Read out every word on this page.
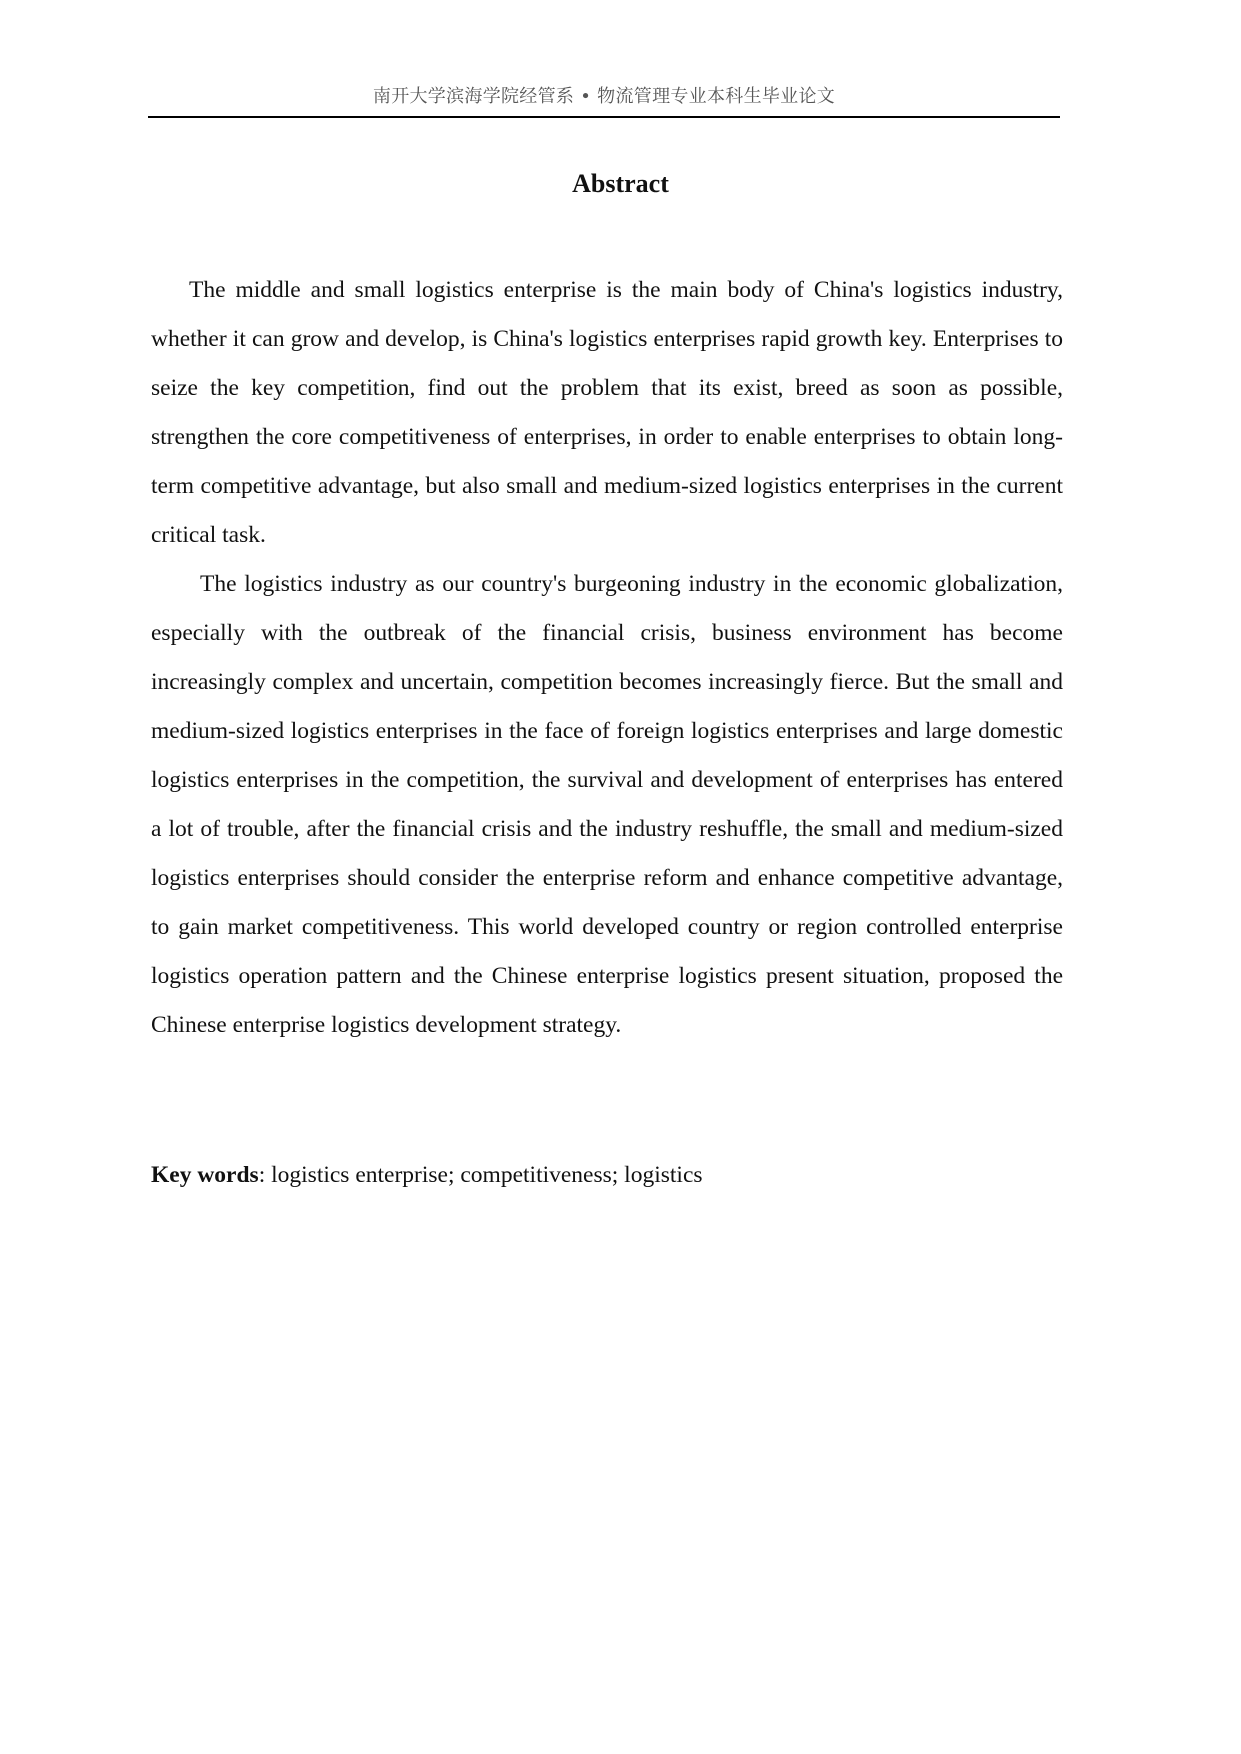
南开大学滨海学院经管系 • 物流管理专业本科生毕业论文
Abstract

The middle and small logistics enterprise is the main body of China's logistics industry, whether it can grow and develop, is China's logistics enterprises rapid growth key. Enterprises to seize the key competition, find out the problem that its exist, breed as soon as possible, strengthen the core competitiveness of enterprises, in order to enable enterprises to obtain long-term competitive advantage, but also small and medium-sized logistics enterprises in the current critical task.

The logistics industry as our country's burgeoning industry in the economic globalization, especially with the outbreak of the financial crisis, business environment has become increasingly complex and uncertain, competition becomes increasingly fierce. But the small and medium-sized logistics enterprises in the face of foreign logistics enterprises and large domestic logistics enterprises in the competition, the survival and development of enterprises has entered a lot of trouble, after the financial crisis and the industry reshuffle, the small and medium-sized logistics enterprises should consider the enterprise reform and enhance competitive advantage, to gain market competitiveness. This world developed country or region controlled enterprise logistics operation pattern and the Chinese enterprise logistics present situation, proposed the Chinese enterprise logistics development strategy.

Key words: logistics enterprise; competitiveness; logistics
